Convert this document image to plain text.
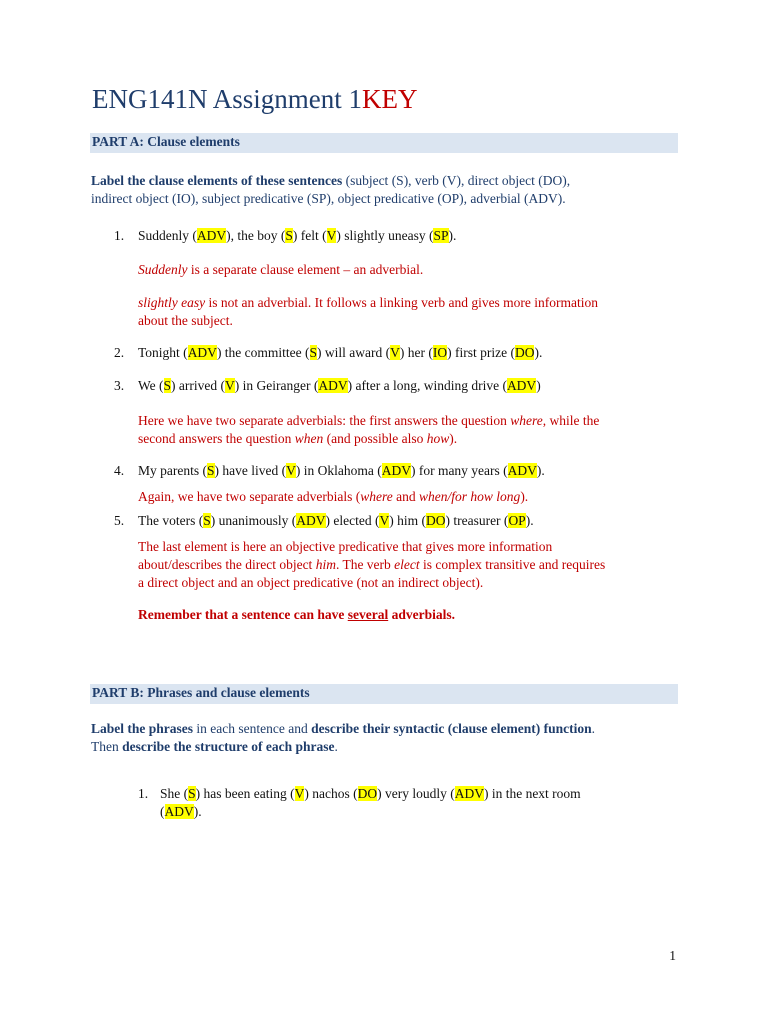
ENG141N Assignment 1KEY
PART A: Clause elements
Label the clause elements of these sentences (subject (S), verb (V), direct object (DO),
indirect object (IO), subject predicative (SP), object predicative (OP), adverbial (ADV).
1. Suddenly (ADV), the boy (S) felt (V) slightly uneasy (SP).
Suddenly is a separate clause element – an adverbial.
slightly easy is not an adverbial. It follows a linking verb and gives more information
about the subject.
2. Tonight (ADV) the committee (S) will award (V) her (IO) first prize (DO).
3. We (S) arrived (V) in Geiranger (ADV) after a long, winding drive (ADV)
Here we have two separate adverbials: the first answers the question where, while the
second answers the question when (and possible also how).
4. My parents (S) have lived (V) in Oklahoma (ADV) for many years (ADV).
Again, we have two separate adverbials (where and when/for how long).
5. The voters (S) unanimously (ADV) elected (V) him (DO) treasurer (OP).
The last element is here an objective predicative that gives more information
about/describes the direct object him. The verb elect is complex transitive and requires
a direct object and an object predicative (not an indirect object).
Remember that a sentence can have several adverbials.
PART B: Phrases and clause elements
Label the phrases in each sentence and describe their syntactic (clause element) function.
Then describe the structure of each phrase.
1. She (S) has been eating (V) nachos (DO) very loudly (ADV) in the next room
(ADV).
1
